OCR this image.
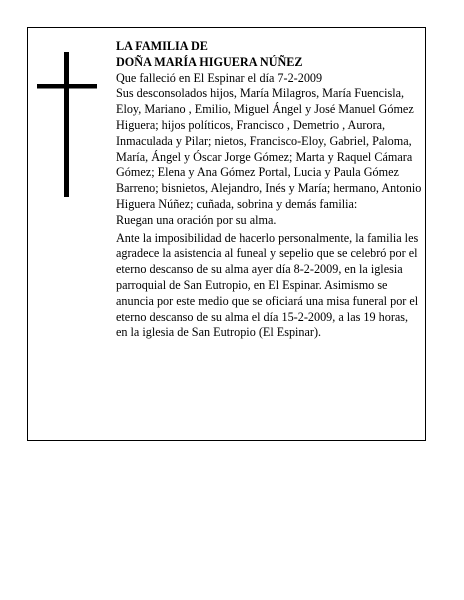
LA FAMILIA DE
DOÑA MARÍA HIGUERA NÚÑEZ

Que falleció en El Espinar el día 7-2-2009
Sus desconsolados hijos, María Milagros, María Fuencisla, Eloy, Mariano , Emilio, Miguel Ángel y José Manuel Gómez Higuera; hijos políticos, Francisco , Demetrio , Aurora, Inmaculada y Pilar; nietos, Francisco-Eloy, Gabriel, Paloma, María, Ángel y Óscar Jorge Gómez; Marta y Raquel Cámara Gómez; Elena y Ana Gómez Portal, Lucia y Paula Gómez Barreno; bisnietos, Alejandro, Inés y María; hermano, Antonio Higuera Núñez; cuñada, sobrina y demás familia:
Ruegan una oración por su alma.

Ante la imposibilidad de hacerlo personalmente, la familia les agradece la asistencia al funeal y sepelio que se celebró por el eterno descanso de su alma ayer día 8-2-2009, en la iglesia parroquial de San Eutropio, en El Espinar. Asimismo se anuncia por este medio que se oficiará una misa funeral por el eterno descanso de su alma el día 15-2-2009, a las 19 horas, en la iglesia de San Eutropio (El Espinar).
